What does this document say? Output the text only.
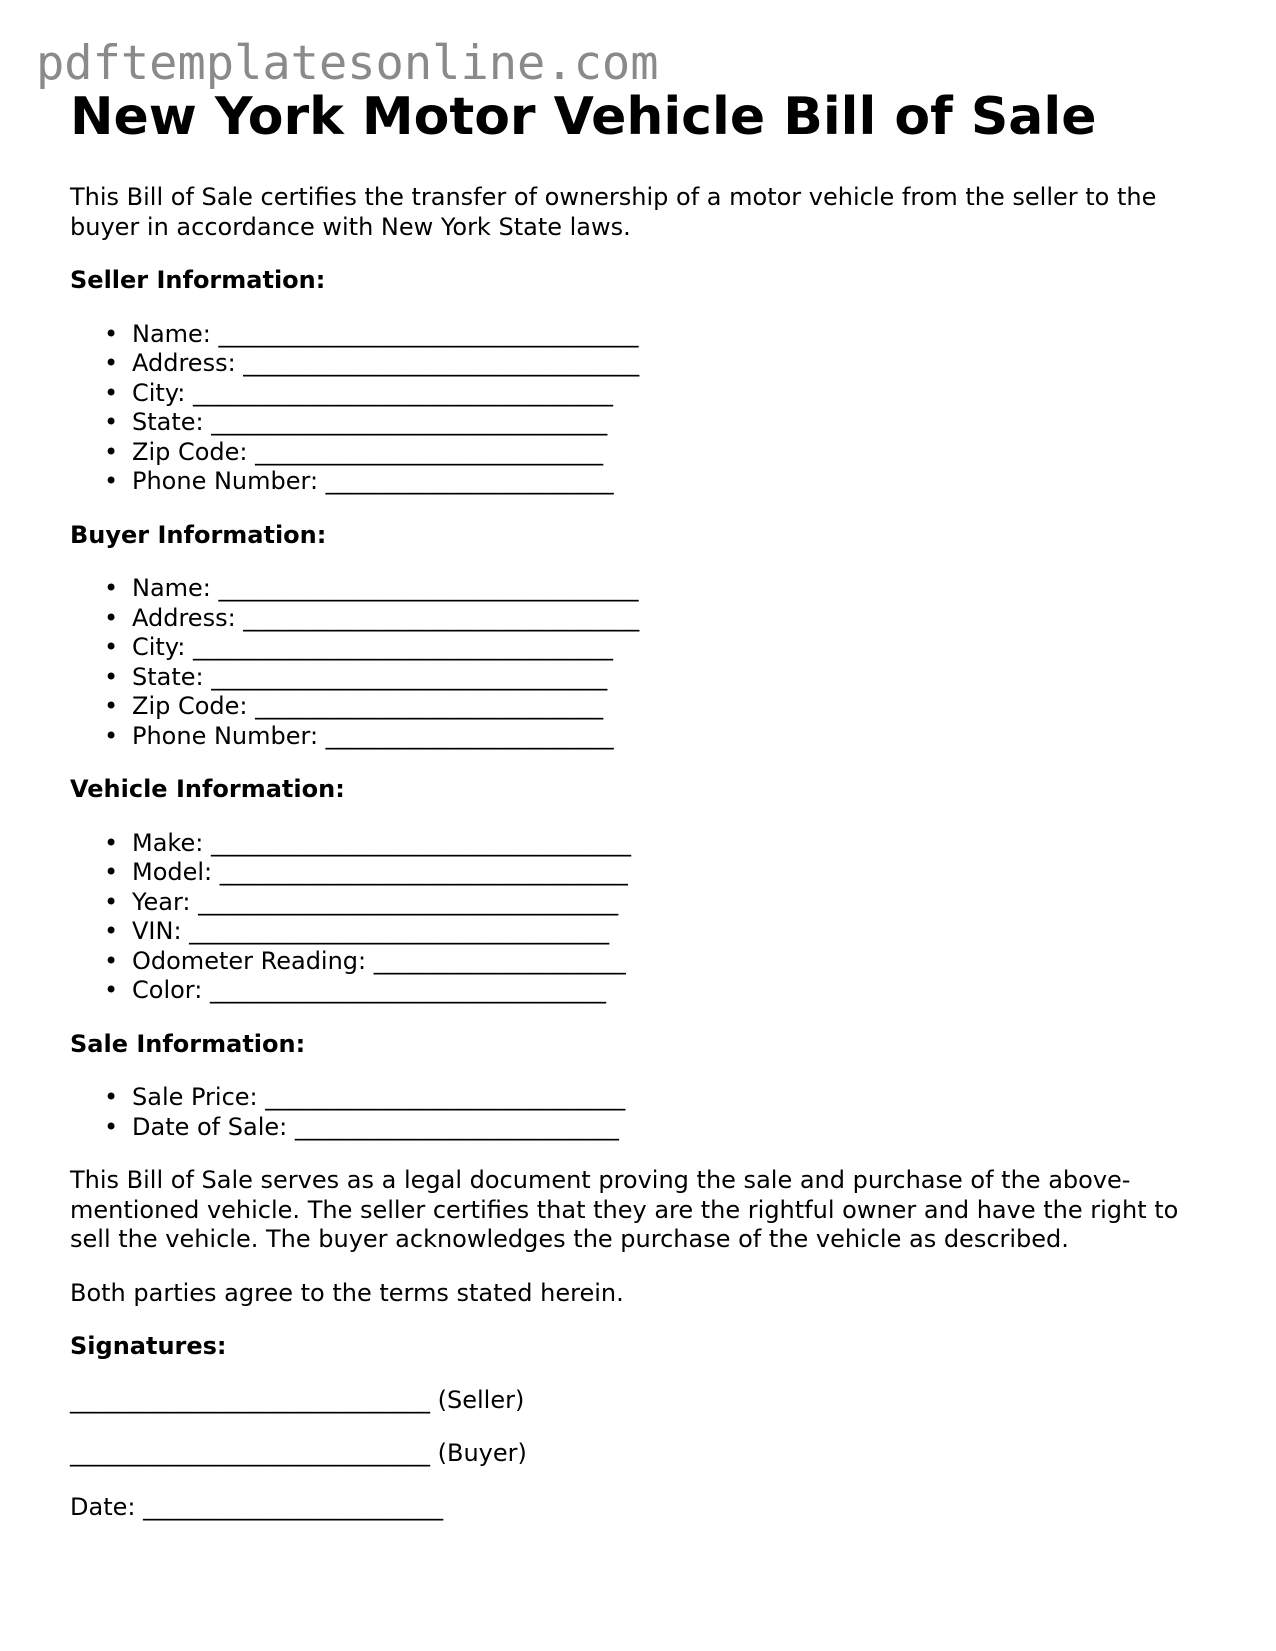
pdftemplatesonline.com
New York Motor Vehicle Bill of Sale

This Bill of Sale certifies the transfer of ownership of a motor vehicle from the seller to the buyer in accordance with New York State laws.

Seller Information:

• Name: ___________________________________
• Address: _________________________________
• City: ___________________________________
• State: _________________________________
• Zip Code: _____________________________
• Phone Number: ________________________

Buyer Information:

• Name: ___________________________________
• Address: _________________________________
• City: ___________________________________
• State: _________________________________
• Zip Code: _____________________________
• Phone Number: ________________________

Vehicle Information:

• Make: ___________________________________
• Model: __________________________________
• Year: ___________________________________
• VIN: ___________________________________
• Odometer Reading: _____________________
• Color: _________________________________

Sale Information:

• Sale Price: ______________________________
• Date of Sale: ___________________________

This Bill of Sale serves as a legal document proving the sale and purchase of the above-mentioned vehicle. The seller certifies that they are the rightful owner and have the right to sell the vehicle. The buyer acknowledges the purchase of the vehicle as described.

Both parties agree to the terms stated herein.

Signatures:

______________________________ (Seller)

______________________________ (Buyer)

Date: _________________________
